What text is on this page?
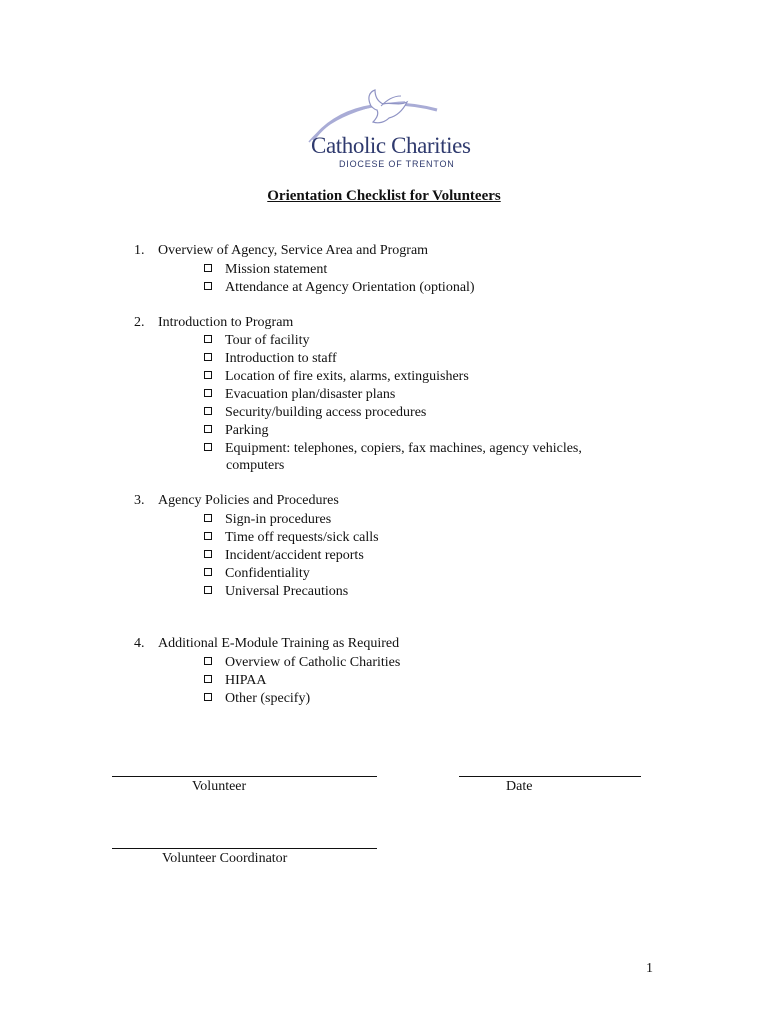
Catholic Charities
DIOCESE OF TRENTON
Orientation Checklist for Volunteers
1. Overview of Agency, Service Area and Program
Mission statement
Attendance at Agency Orientation (optional)
2. Introduction to Program
Tour of facility
Introduction to staff
Location of fire exits, alarms, extinguishers
Evacuation plan/disaster plans
Security/building access procedures
Parking
Equipment: telephones, copiers, fax machines, agency vehicles,
computers
3. Agency Policies and Procedures
Sign-in procedures
Time off requests/sick calls
Incident/accident reports
Confidentiality
Universal Precautions
4. Additional E-Module Training as Required
Overview of Catholic Charities
HIPAA
Other (specify)
Volunteer	Date
Volunteer Coordinator
1
